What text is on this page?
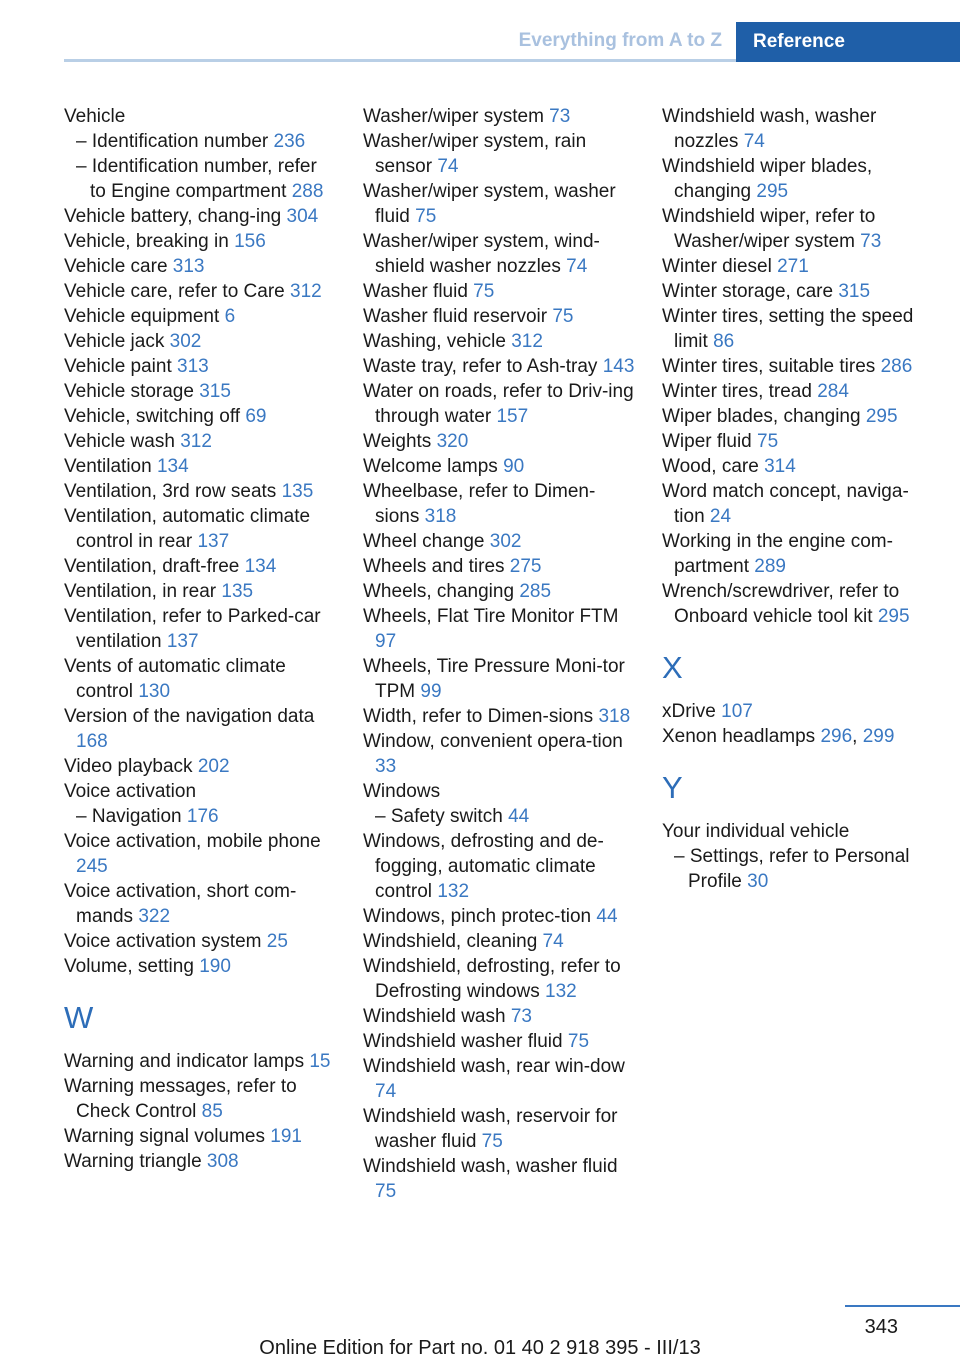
Everything from A to Z	Reference
Vehicle
– Identification number 236
– Identification number, refer to Engine compartment 288
Vehicle battery, chang‐ing 304
Vehicle, breaking in 156
Vehicle care 313
Vehicle care, refer to Care 312
Vehicle equipment 6
Vehicle jack 302
Vehicle paint 313
Vehicle storage 315
Vehicle, switching off 69
Vehicle wash 312
Ventilation 134
Ventilation, 3rd row seats 135
Ventilation, automatic climate control in rear 137
Ventilation, draft-free 134
Ventilation, in rear 135
Ventilation, refer to Parked-car ventilation 137
Vents of automatic climate control 130
Version of the navigation data 168
Video playback 202
Voice activation
– Navigation 176
Voice activation, mobile phone 245
Voice activation, short com‐mands 322
Voice activation system 25
Volume, setting 190
W
Warning and indicator lamps 15
Warning messages, refer to Check Control 85
Warning signal volumes 191
Warning triangle 308
Washer/wiper system 73
Washer/wiper system, rain sensor 74
Washer/wiper system, washer fluid 75
Washer/wiper system, wind‐shield washer nozzles 74
Washer fluid 75
Washer fluid reservoir 75
Washing, vehicle 312
Waste tray, refer to Ash‐tray 143
Water on roads, refer to Driv‐ing through water 157
Weights 320
Welcome lamps 90
Wheelbase, refer to Dimen‐sions 318
Wheel change 302
Wheels and tires 275
Wheels, changing 285
Wheels, Flat Tire Monitor FTM 97
Wheels, Tire Pressure Moni‐tor TPM 99
Width, refer to Dimen‐sions 318
Window, convenient opera‐tion 33
Windows
– Safety switch 44
Windows, defrosting and de‐fogging, automatic climate control 132
Windows, pinch protec‐tion 44
Windshield, cleaning 74
Windshield, defrosting, refer to Defrosting windows 132
Windshield wash 73
Windshield washer fluid 75
Windshield wash, rear win‐dow 74
Windshield wash, reservoir for washer fluid 75
Windshield wash, washer fluid 75
Windshield wash, washer nozzles 74
Windshield wiper blades, changing 295
Windshield wiper, refer to Washer/wiper system 73
Winter diesel 271
Winter storage, care 315
Winter tires, setting the speed limit 86
Winter tires, suitable tires 286
Winter tires, tread 284
Wiper blades, changing 295
Wiper fluid 75
Wood, care 314
Word match concept, naviga‐tion 24
Working in the engine com‐partment 289
Wrench/screwdriver, refer to Onboard vehicle tool kit 295
X
xDrive 107
Xenon headlamps 296, 299
Y
Your individual vehicle
– Settings, refer to Personal Profile 30
343
Online Edition for Part no. 01 40 2 918 395 - III/13
